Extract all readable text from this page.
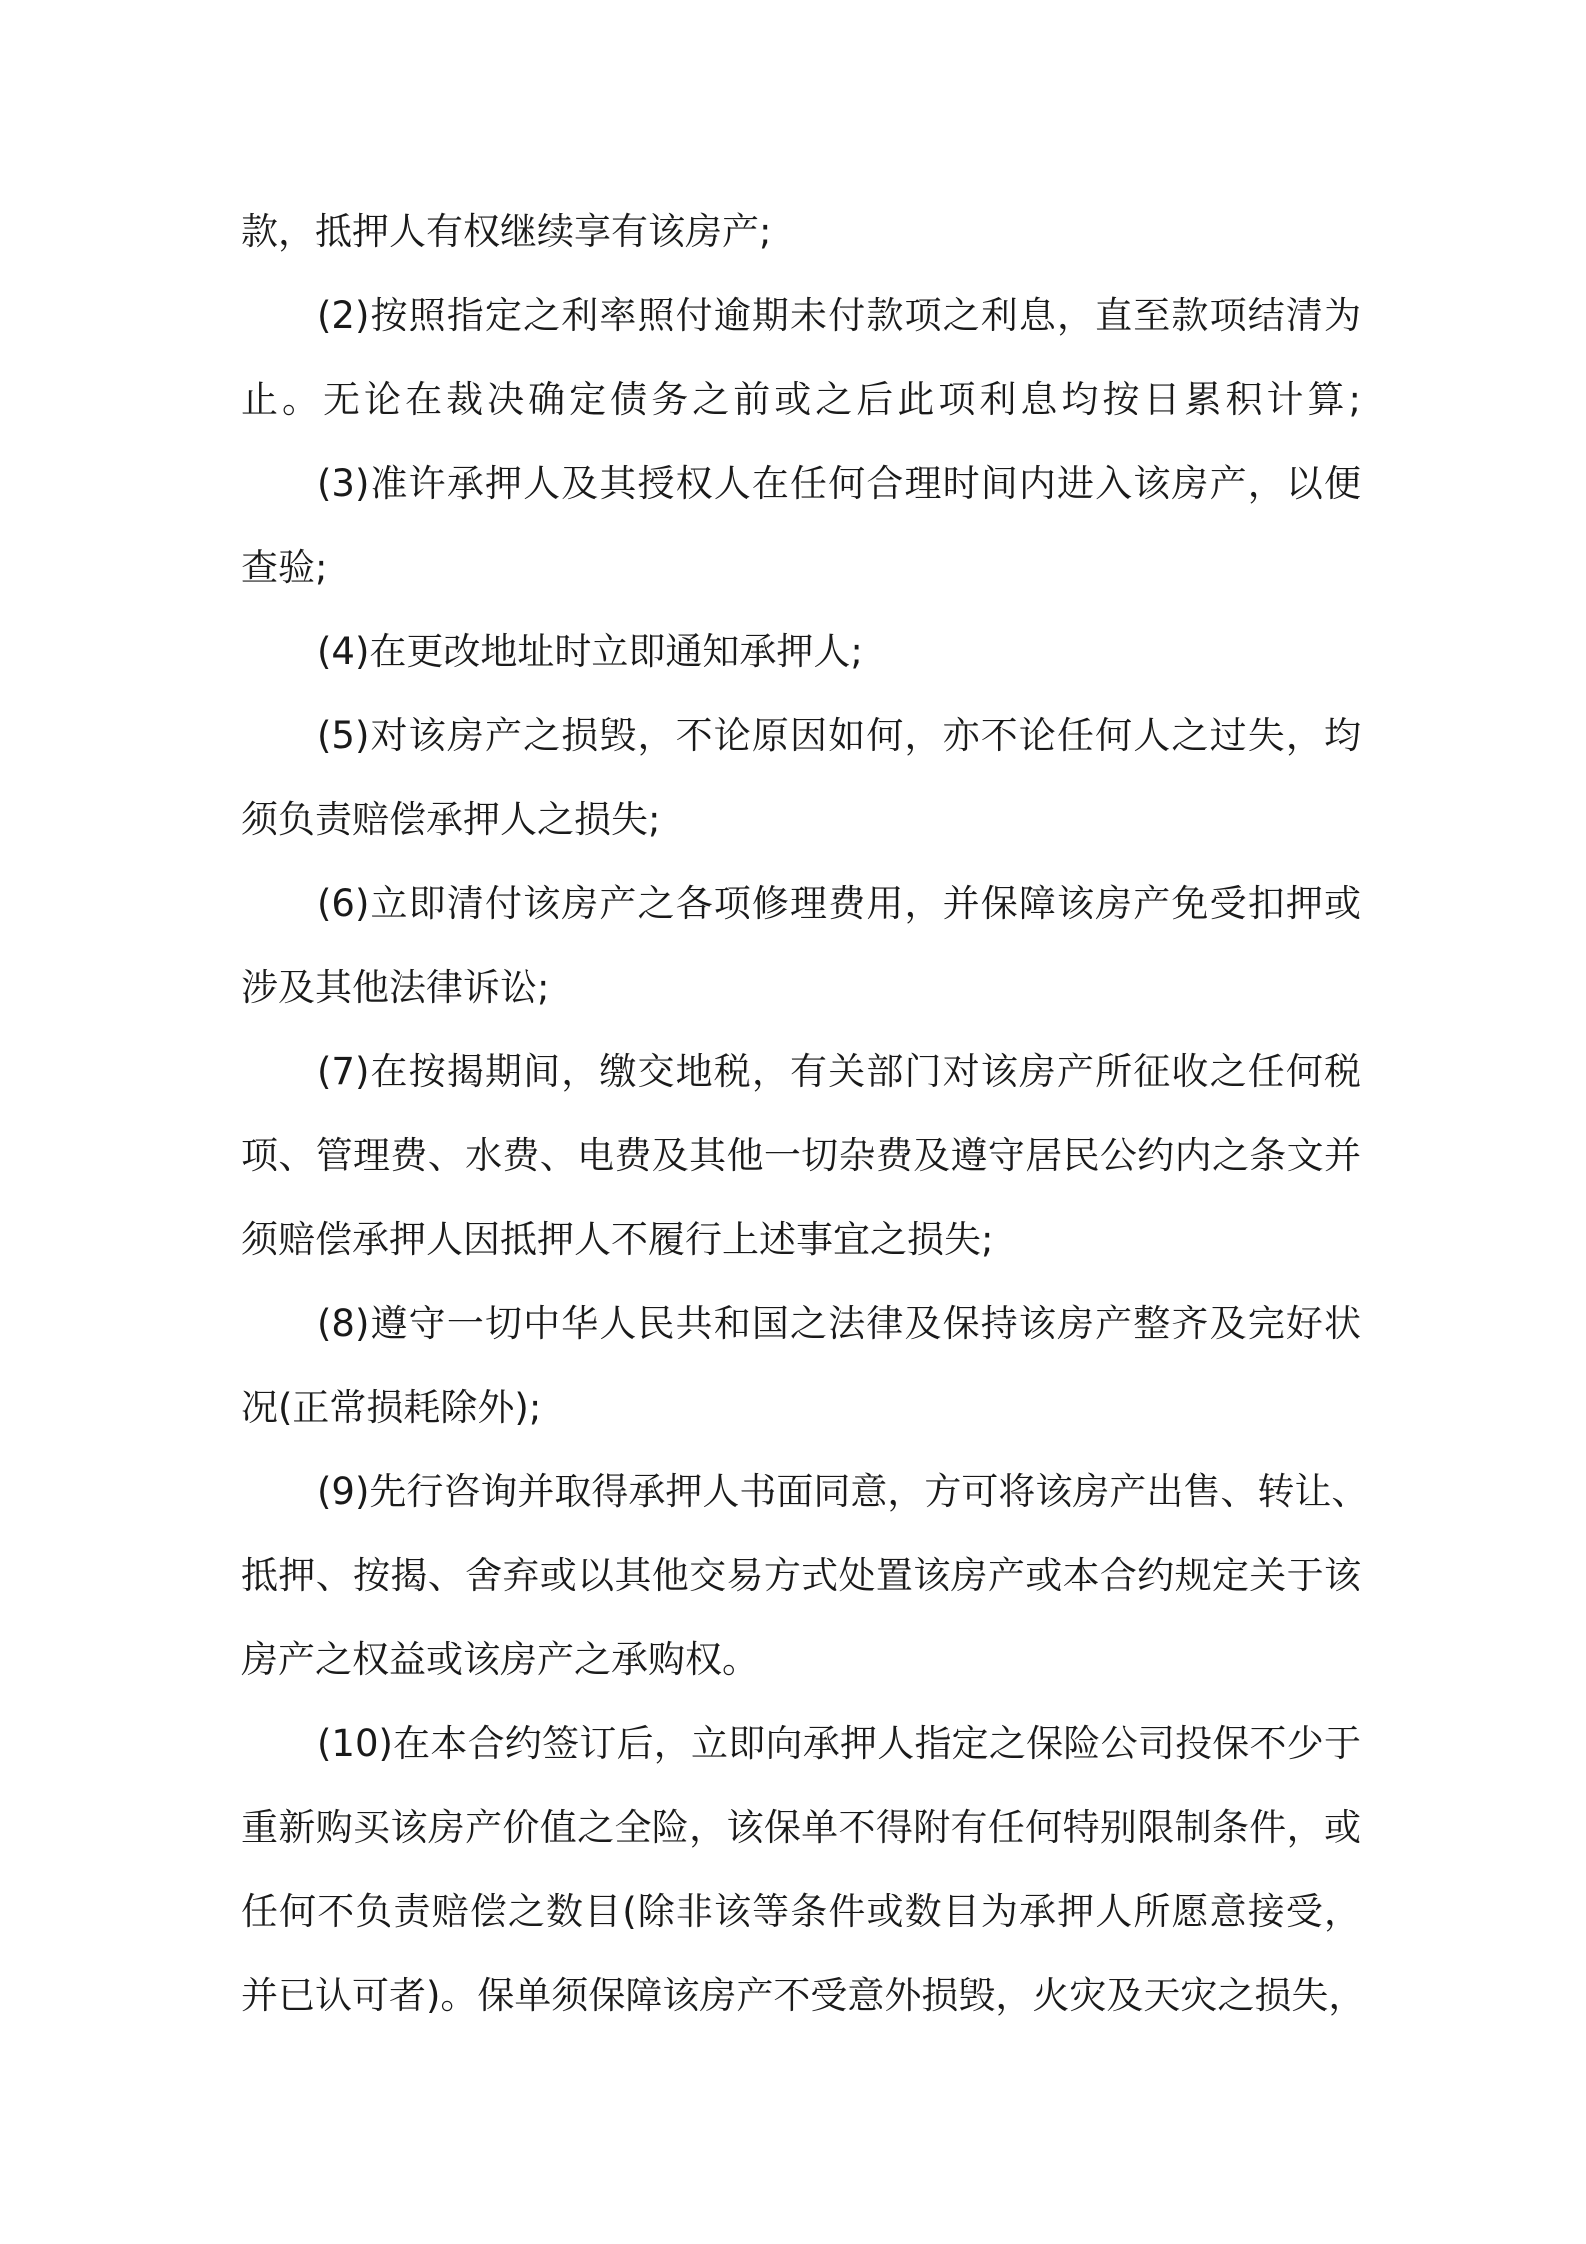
款，抵押人有权继续享有该房产;
(2)按照指定之利率照付逾期未付款项之利息，直至款项结清为
止。无论在裁决确定债务之前或之后此项利息均按日累积计算;
(3)准许承押人及其授权人在任何合理时间内进入该房产，以便
查验;
(4)在更改地址时立即通知承押人;
(5)对该房产之损毁，不论原因如何，亦不论任何人之过失，均
须负责赔偿承押人之损失;
(6)立即清付该房产之各项修理费用，并保障该房产免受扣押或
涉及其他法律诉讼;
(7)在按揭期间，缴交地税，有关部门对该房产所征收之任何税
项、管理费、水费、电费及其他一切杂费及遵守居民公约内之条文并
须赔偿承押人因抵押人不履行上述事宜之损失;
(8)遵守一切中华人民共和国之法律及保持该房产整齐及完好状
况(正常损耗除外);
(9)先行咨询并取得承押人书面同意，方可将该房产出售、转让、
抵押、按揭、舍弃或以其他交易方式处置该房产或本合约规定关于该
房产之权益或该房产之承购权。
(10)在本合约签订后，立即向承押人指定之保险公司投保不少于
重新购买该房产价值之全险，该保单不得附有任何特别限制条件，或
任何不负责赔偿之数目(除非该等条件或数目为承押人所愿意接受，
并已认可者)。保单须保障该房产不受意外损毁，火灾及天灾之损失，
